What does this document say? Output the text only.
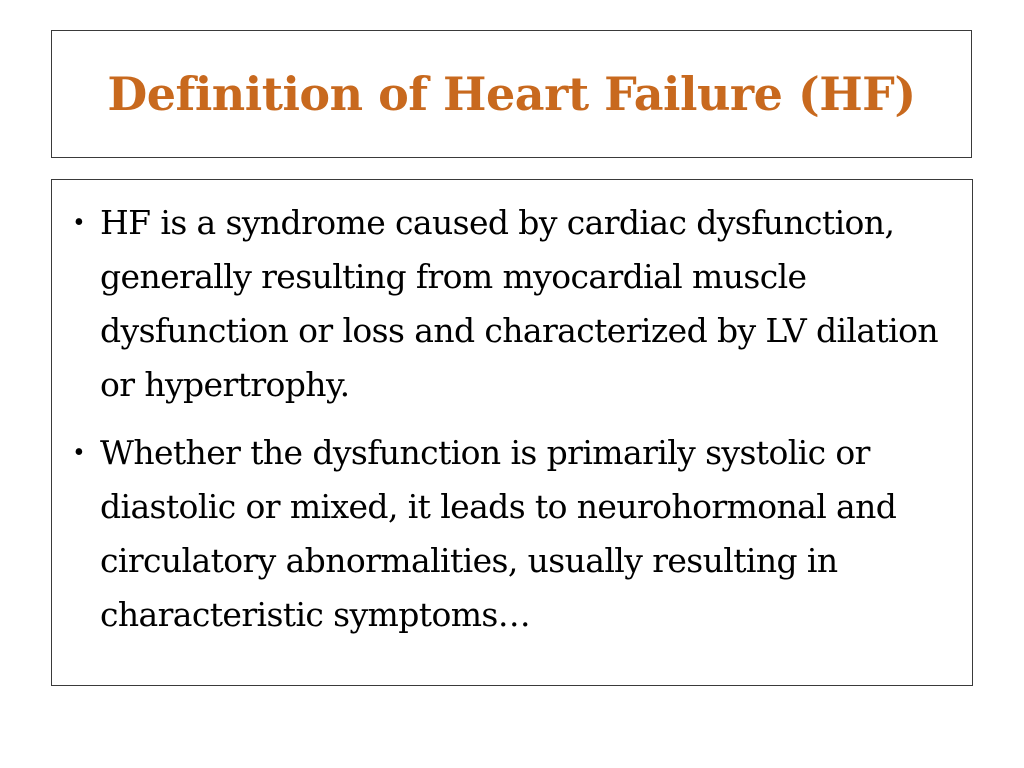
Definition of Heart Failure (HF)
• HF is a syndrome caused by cardiac dysfunction, generally resulting from myocardial muscle dysfunction or loss and characterized by LV dilation or hypertrophy.
• Whether the dysfunction is primarily systolic or diastolic or mixed, it leads to neurohormonal and circulatory abnormalities, usually resulting in characteristic symptoms…
